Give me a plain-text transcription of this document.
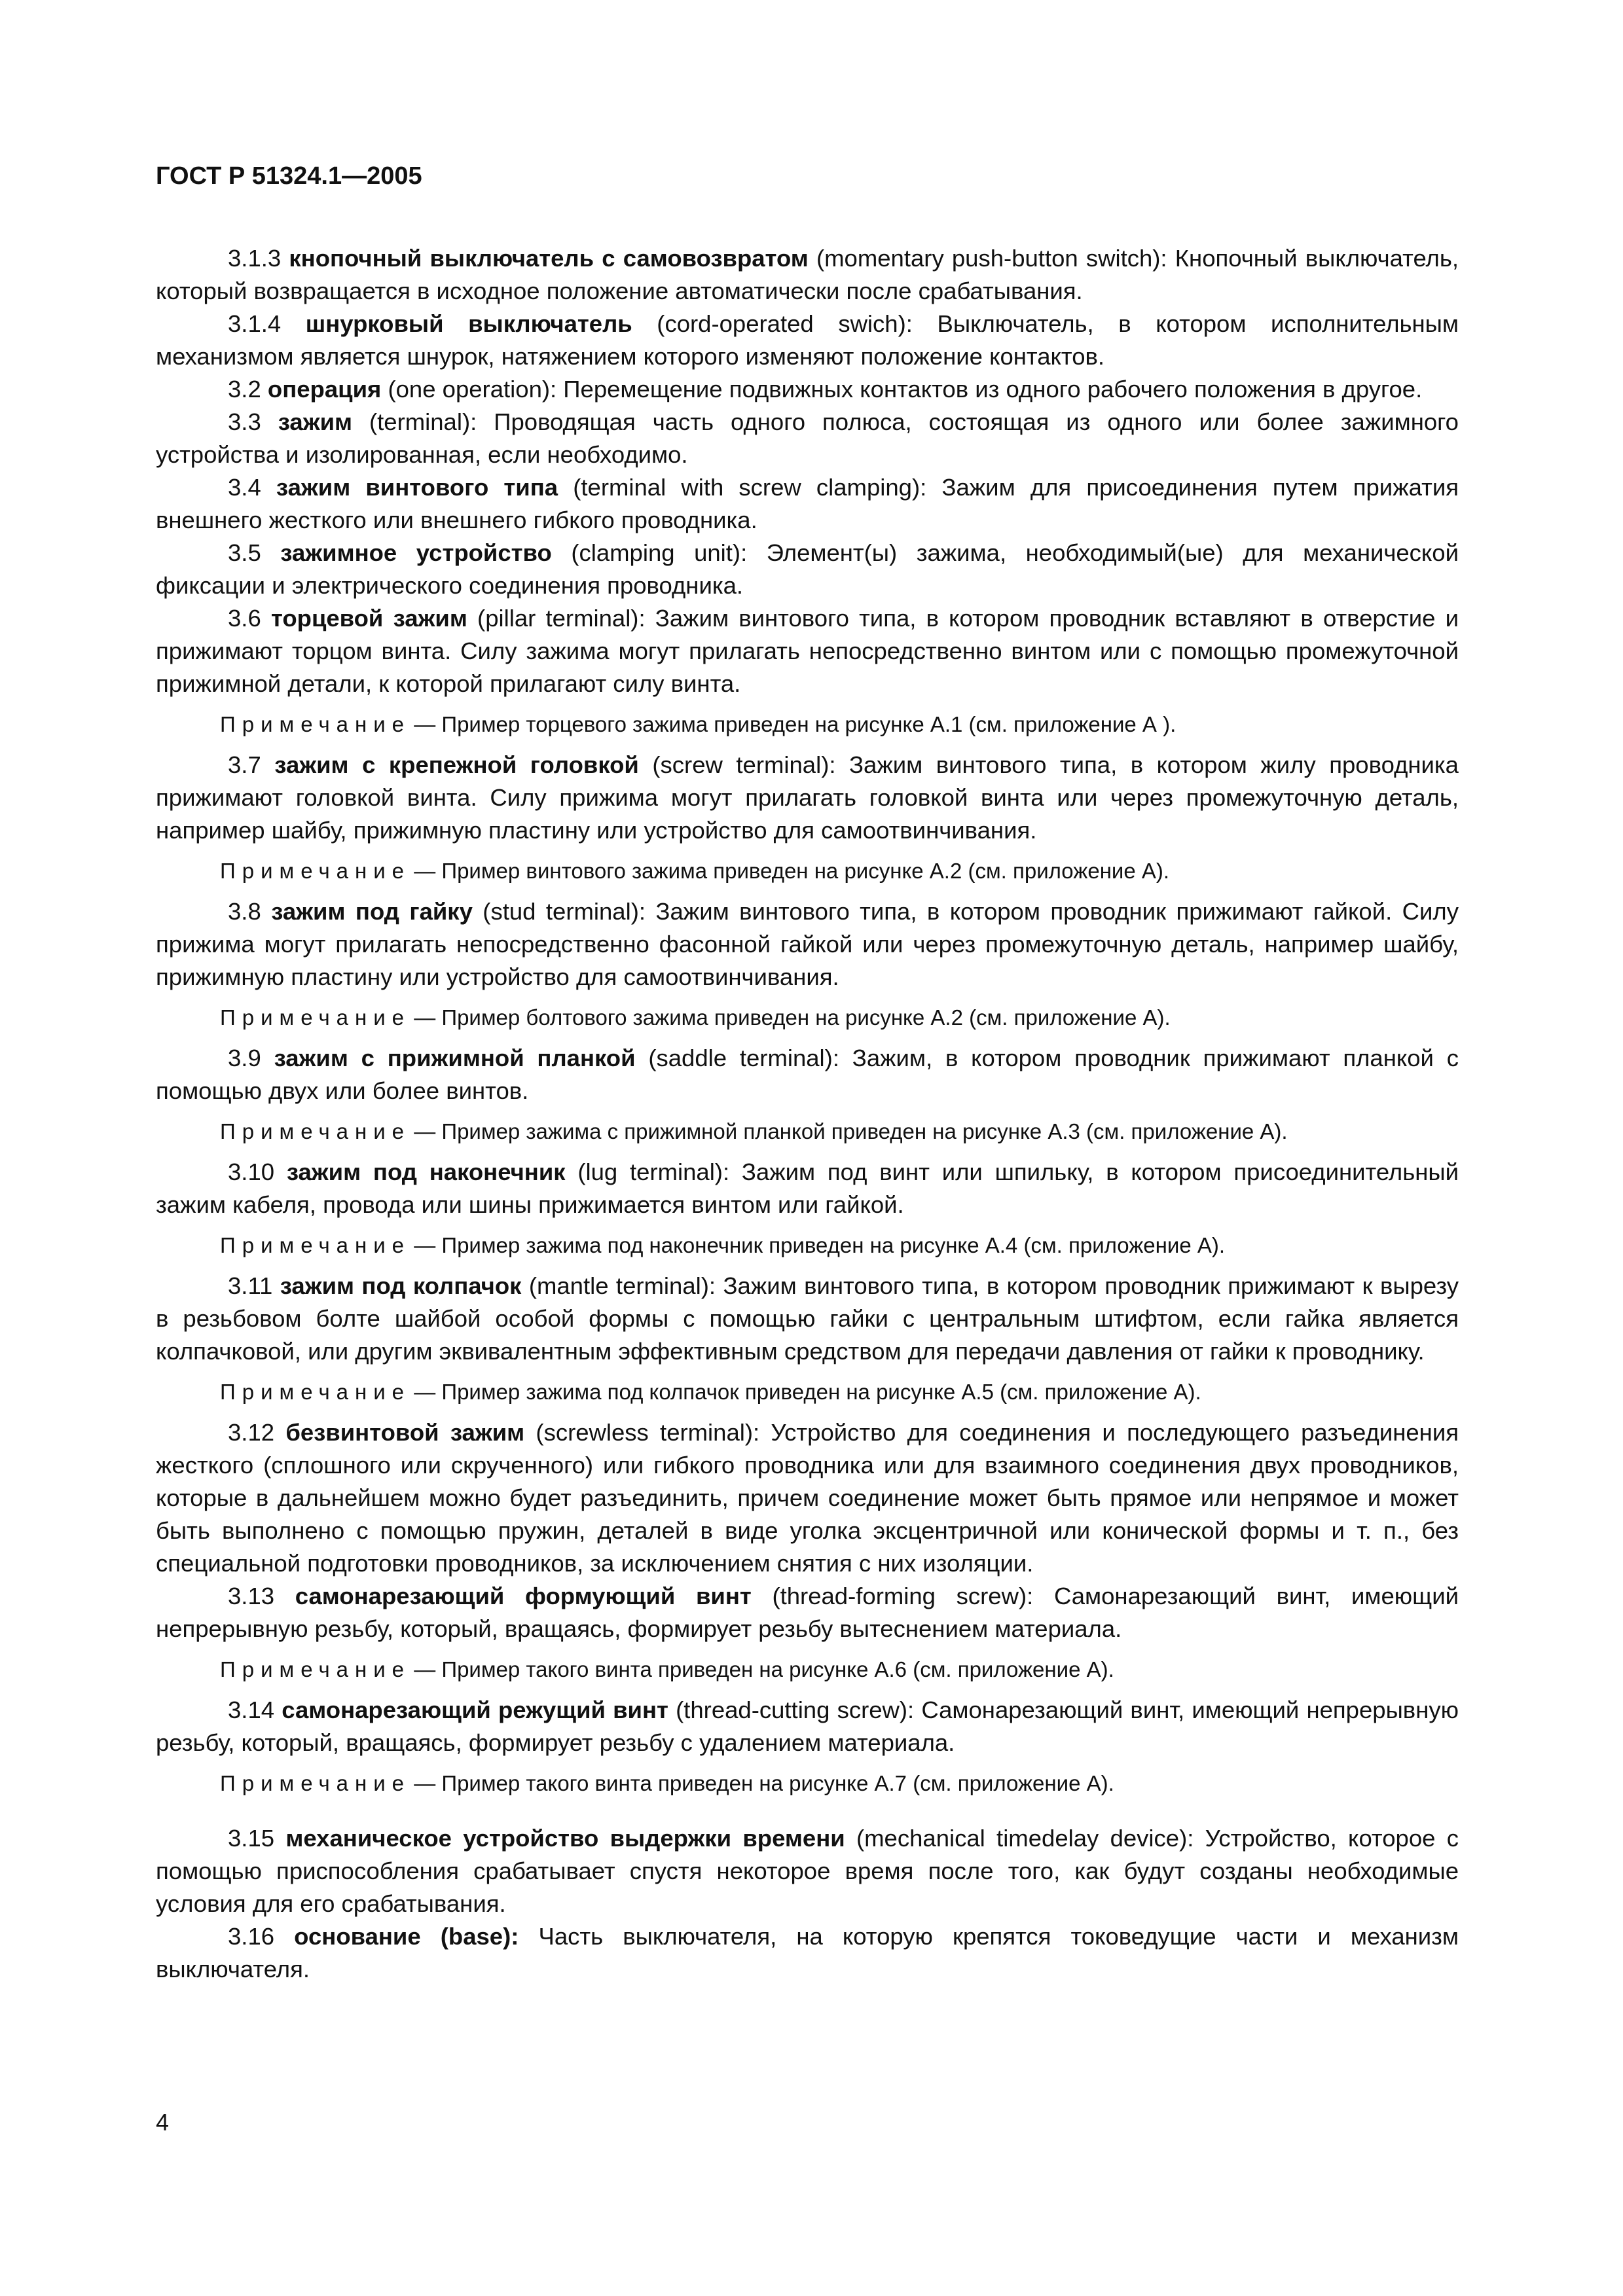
ГОСТ Р 51324.1—2005

3.1.3 кнопочный выключатель с самовозвратом (momentary push-button switch): Кнопочный выключатель, который возвращается в исходное положение автоматически после срабатывания.

3.1.4 шнурковый выключатель (cord-operated swich): Выключатель, в котором исполнительным механизмом является шнурок, натяжением которого изменяют положение контактов.

3.2 операция (one operation): Перемещение подвижных контактов из одного рабочего положения в другое.

3.3 зажим (terminal): Проводящая часть одного полюса, состоящая из одного или более зажимного устройства и изолированная, если необходимо.

3.4 зажим винтового типа (terminal with screw clamping): Зажим для присоединения путем прижатия внешнего жесткого или внешнего гибкого проводника.

3.5 зажимное устройство (clamping unit): Элемент(ы) зажима, необходимый(ые) для механической фиксации и электрического соединения проводника.

3.6 торцевой зажим (pillar terminal): Зажим винтового типа, в котором проводник вставляют в отверстие и прижимают торцом винта. Силу зажима могут прилагать непосредственно винтом или с помощью промежуточной прижимной детали, к которой прилагают силу винта.

Примечание — Пример торцевого зажима приведен на рисунке А.1 (см. приложение А ).

3.7 зажим с крепежной головкой (screw terminal): Зажим винтового типа, в котором жилу проводника прижимают головкой винта. Силу прижима могут прилагать головкой винта или через промежуточную деталь, например шайбу, прижимную пластину или устройство для самоотвинчивания.

Примечание — Пример винтового зажима приведен на рисунке А.2 (см. приложение А).

3.8 зажим под гайку (stud terminal): Зажим винтового типа, в котором проводник прижимают гайкой. Силу прижима могут прилагать непосредственно фасонной гайкой или через промежуточную деталь, например шайбу, прижимную пластину или устройство для самоотвинчивания.

Примечание — Пример болтового зажима приведен на рисунке А.2 (см. приложение А).

3.9 зажим с прижимной планкой (saddle terminal): Зажим, в котором проводник прижимают планкой с помощью двух или более винтов.

Примечание — Пример зажима с прижимной планкой приведен на рисунке А.3 (см. приложение А).

3.10 зажим под наконечник (lug terminal): Зажим под винт или шпильку, в котором присоединительный зажим кабеля, провода или шины прижимается винтом или гайкой.

Примечание — Пример зажима под наконечник приведен на рисунке А.4 (см. приложение А).

3.11 зажим под колпачок (mantle terminal): Зажим винтового типа, в котором проводник прижимают к вырезу в резьбовом болте шайбой особой формы с помощью гайки с центральным штифтом, если гайка является колпачковой, или другим эквивалентным эффективным средством для передачи давления от гайки к проводнику.

Примечание — Пример зажима под колпачок приведен на рисунке А.5 (см. приложение А).

3.12 безвинтовой зажим (screwless terminal): Устройство для соединения и последующего разъединения жесткого (сплошного или скрученного) или гибкого проводника или для взаимного соединения двух проводников, которые в дальнейшем можно будет разъединить, причем соединение может быть прямое или непрямое и может быть выполнено с помощью пружин, деталей в виде уголка эксцентричной или конической формы и т. п., без специальной подготовки проводников, за исключением снятия с них изоляции.

3.13 самонарезающий формующий винт (thread-forming screw): Самонарезающий винт, имеющий непрерывную резьбу, который, вращаясь, формирует резьбу вытеснением материала.

Примечание — Пример такого винта приведен на рисунке А.6 (см. приложение А).

3.14 самонарезающий режущий винт (thread-cutting screw): Самонарезающий винт, имеющий непрерывную резьбу, который, вращаясь, формирует резьбу с удалением материала.

Примечание — Пример такого винта приведен на рисунке А.7 (см. приложение А).

3.15 механическое устройство выдержки времени (mechanical timedelay device): Устройство, которое с помощью приспособления срабатывает спустя некоторое время после того, как будут созданы необходимые условия для его срабатывания.

3.16 основание (base): Часть выключателя, на которую крепятся токоведущие части и механизм выключателя.

4
